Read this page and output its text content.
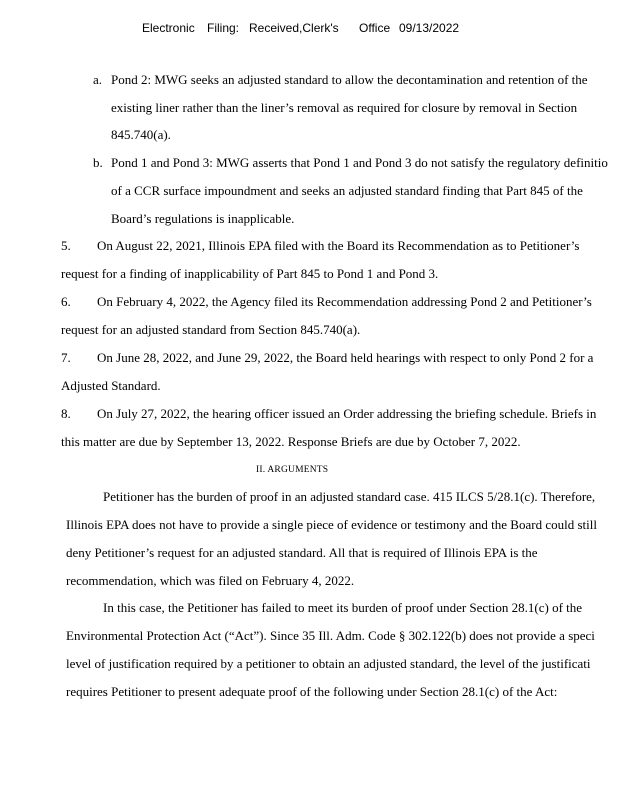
Electronic Filing: Received,Clerk's Office 09/13/2022
a. Pond 2: MWG seeks an adjusted standard to allow the decontamination and retention of the
existing liner rather than the liner’s removal as required for closure by removal in Section
845.740(a).
b. Pond 1 and Pond 3: MWG asserts that Pond 1 and Pond 3 do not satisfy the regulatory definitio
of a CCR surface impoundment and seeks an adjusted standard finding that Part 845 of the
Board’s regulations is inapplicable.
5. On August 22, 2021, Illinois EPA filed with the Board its Recommendation as to Petitioner’s
request for a finding of inapplicability of Part 845 to Pond 1 and Pond 3.
6. On February 4, 2022, the Agency filed its Recommendation addressing Pond 2 and Petitioner’s
request for an adjusted standard from Section 845.740(a).
7. On June 28, 2022, and June 29, 2022, the Board held hearings with respect to only Pond 2 for a
Adjusted Standard.
8. On July 27, 2022, the hearing officer issued an Order addressing the briefing schedule. Briefs in
this matter are due by September 13, 2022. Response Briefs are due by October 7, 2022.
II. ARGUMENTS
Petitioner has the burden of proof in an adjusted standard case. 415 ILCS 5/28.1(c). Therefore,
Illinois EPA does not have to provide a single piece of evidence or testimony and the Board could still
deny Petitioner’s request for an adjusted standard. All that is required of Illinois EPA is the
recommendation, which was filed on February 4, 2022.
In this case, the Petitioner has failed to meet its burden of proof under Section 28.1(c) of the
Environmental Protection Act (“Act”). Since 35 Ill. Adm. Code § 302.122(b) does not provide a speci
level of justification required by a petitioner to obtain an adjusted standard, the level of the justificati
requires Petitioner to present adequate proof of the following under Section 28.1(c) of the Act:
